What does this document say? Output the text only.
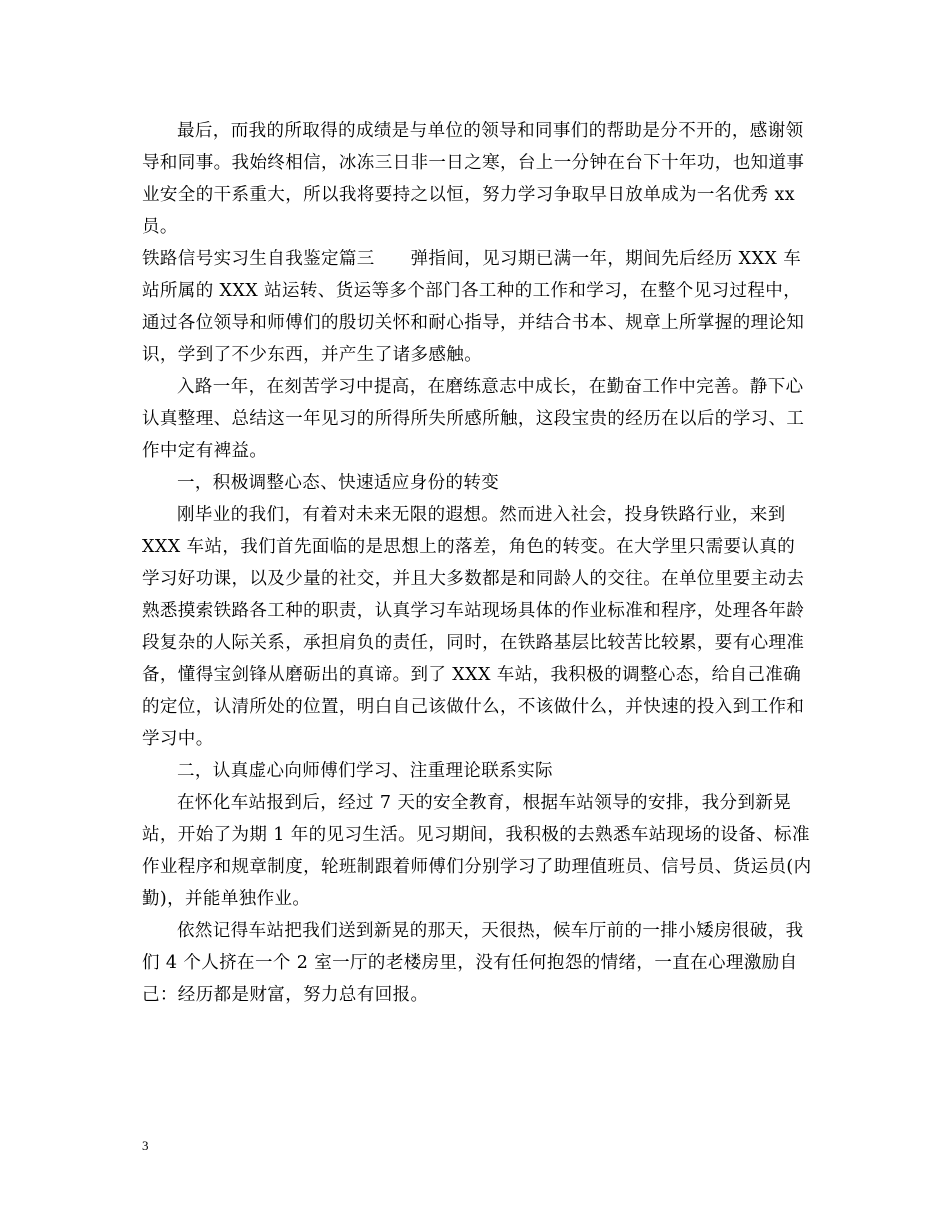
最后，而我的所取得的成绩是与单位的领导和同事们的帮助是分不开的，感谢领导和同事。我始终相信，冰冻三日非一日之寒，台上一分钟在台下十年功，也知道事业安全的干系重大，所以我将要持之以恒，努力学习争取早日放单成为一名优秀 xx 员。

铁路信号实习生自我鉴定篇三　　弹指间，见习期已满一年，期间先后经历 XXX 车站所属的 XXX 站运转、货运等多个部门各工种的工作和学习，在整个见习过程中，通过各位领导和师傅们的殷切关怀和耐心指导，并结合书本、规章上所掌握的理论知识，学到了不少东西，并产生了诸多感触。

入路一年，在刻苦学习中提高，在磨练意志中成长，在勤奋工作中完善。静下心认真整理、总结这一年见习的所得所失所感所触，这段宝贵的经历在以后的学习、工作中定有裨益。

一，积极调整心态、快速适应身份的转变

刚毕业的我们，有着对未来无限的遐想。然而进入社会，投身铁路行业，来到 XXX 车站，我们首先面临的是思想上的落差，角色的转变。在大学里只需要认真的学习好功课，以及少量的社交，并且大多数都是和同龄人的交往。在单位里要主动去熟悉摸索铁路各工种的职责，认真学习车站现场具体的作业标准和程序，处理各年龄段复杂的人际关系，承担肩负的责任，同时，在铁路基层比较苦比较累，要有心理准备，懂得宝剑锋从磨砺出的真谛。到了 XXX 车站，我积极的调整心态，给自己准确的定位，认清所处的位置，明白自己该做什么，不该做什么，并快速的投入到工作和学习中。

二，认真虚心向师傅们学习、注重理论联系实际

在怀化车站报到后，经过 7 天的安全教育，根据车站领导的安排，我分到新晃站，开始了为期 1 年的见习生活。见习期间，我积极的去熟悉车站现场的设备、标准作业程序和规章制度，轮班制跟着师傅们分别学习了助理值班员、信号员、货运员(内勤)，并能单独作业。

依然记得车站把我们送到新晃的那天，天很热，候车厅前的一排小矮房很破，我们 4 个人挤在一个 2 室一厅的老楼房里，没有任何抱怨的情绪，一直在心理激励自己：经历都是财富，努力总有回报。

3
